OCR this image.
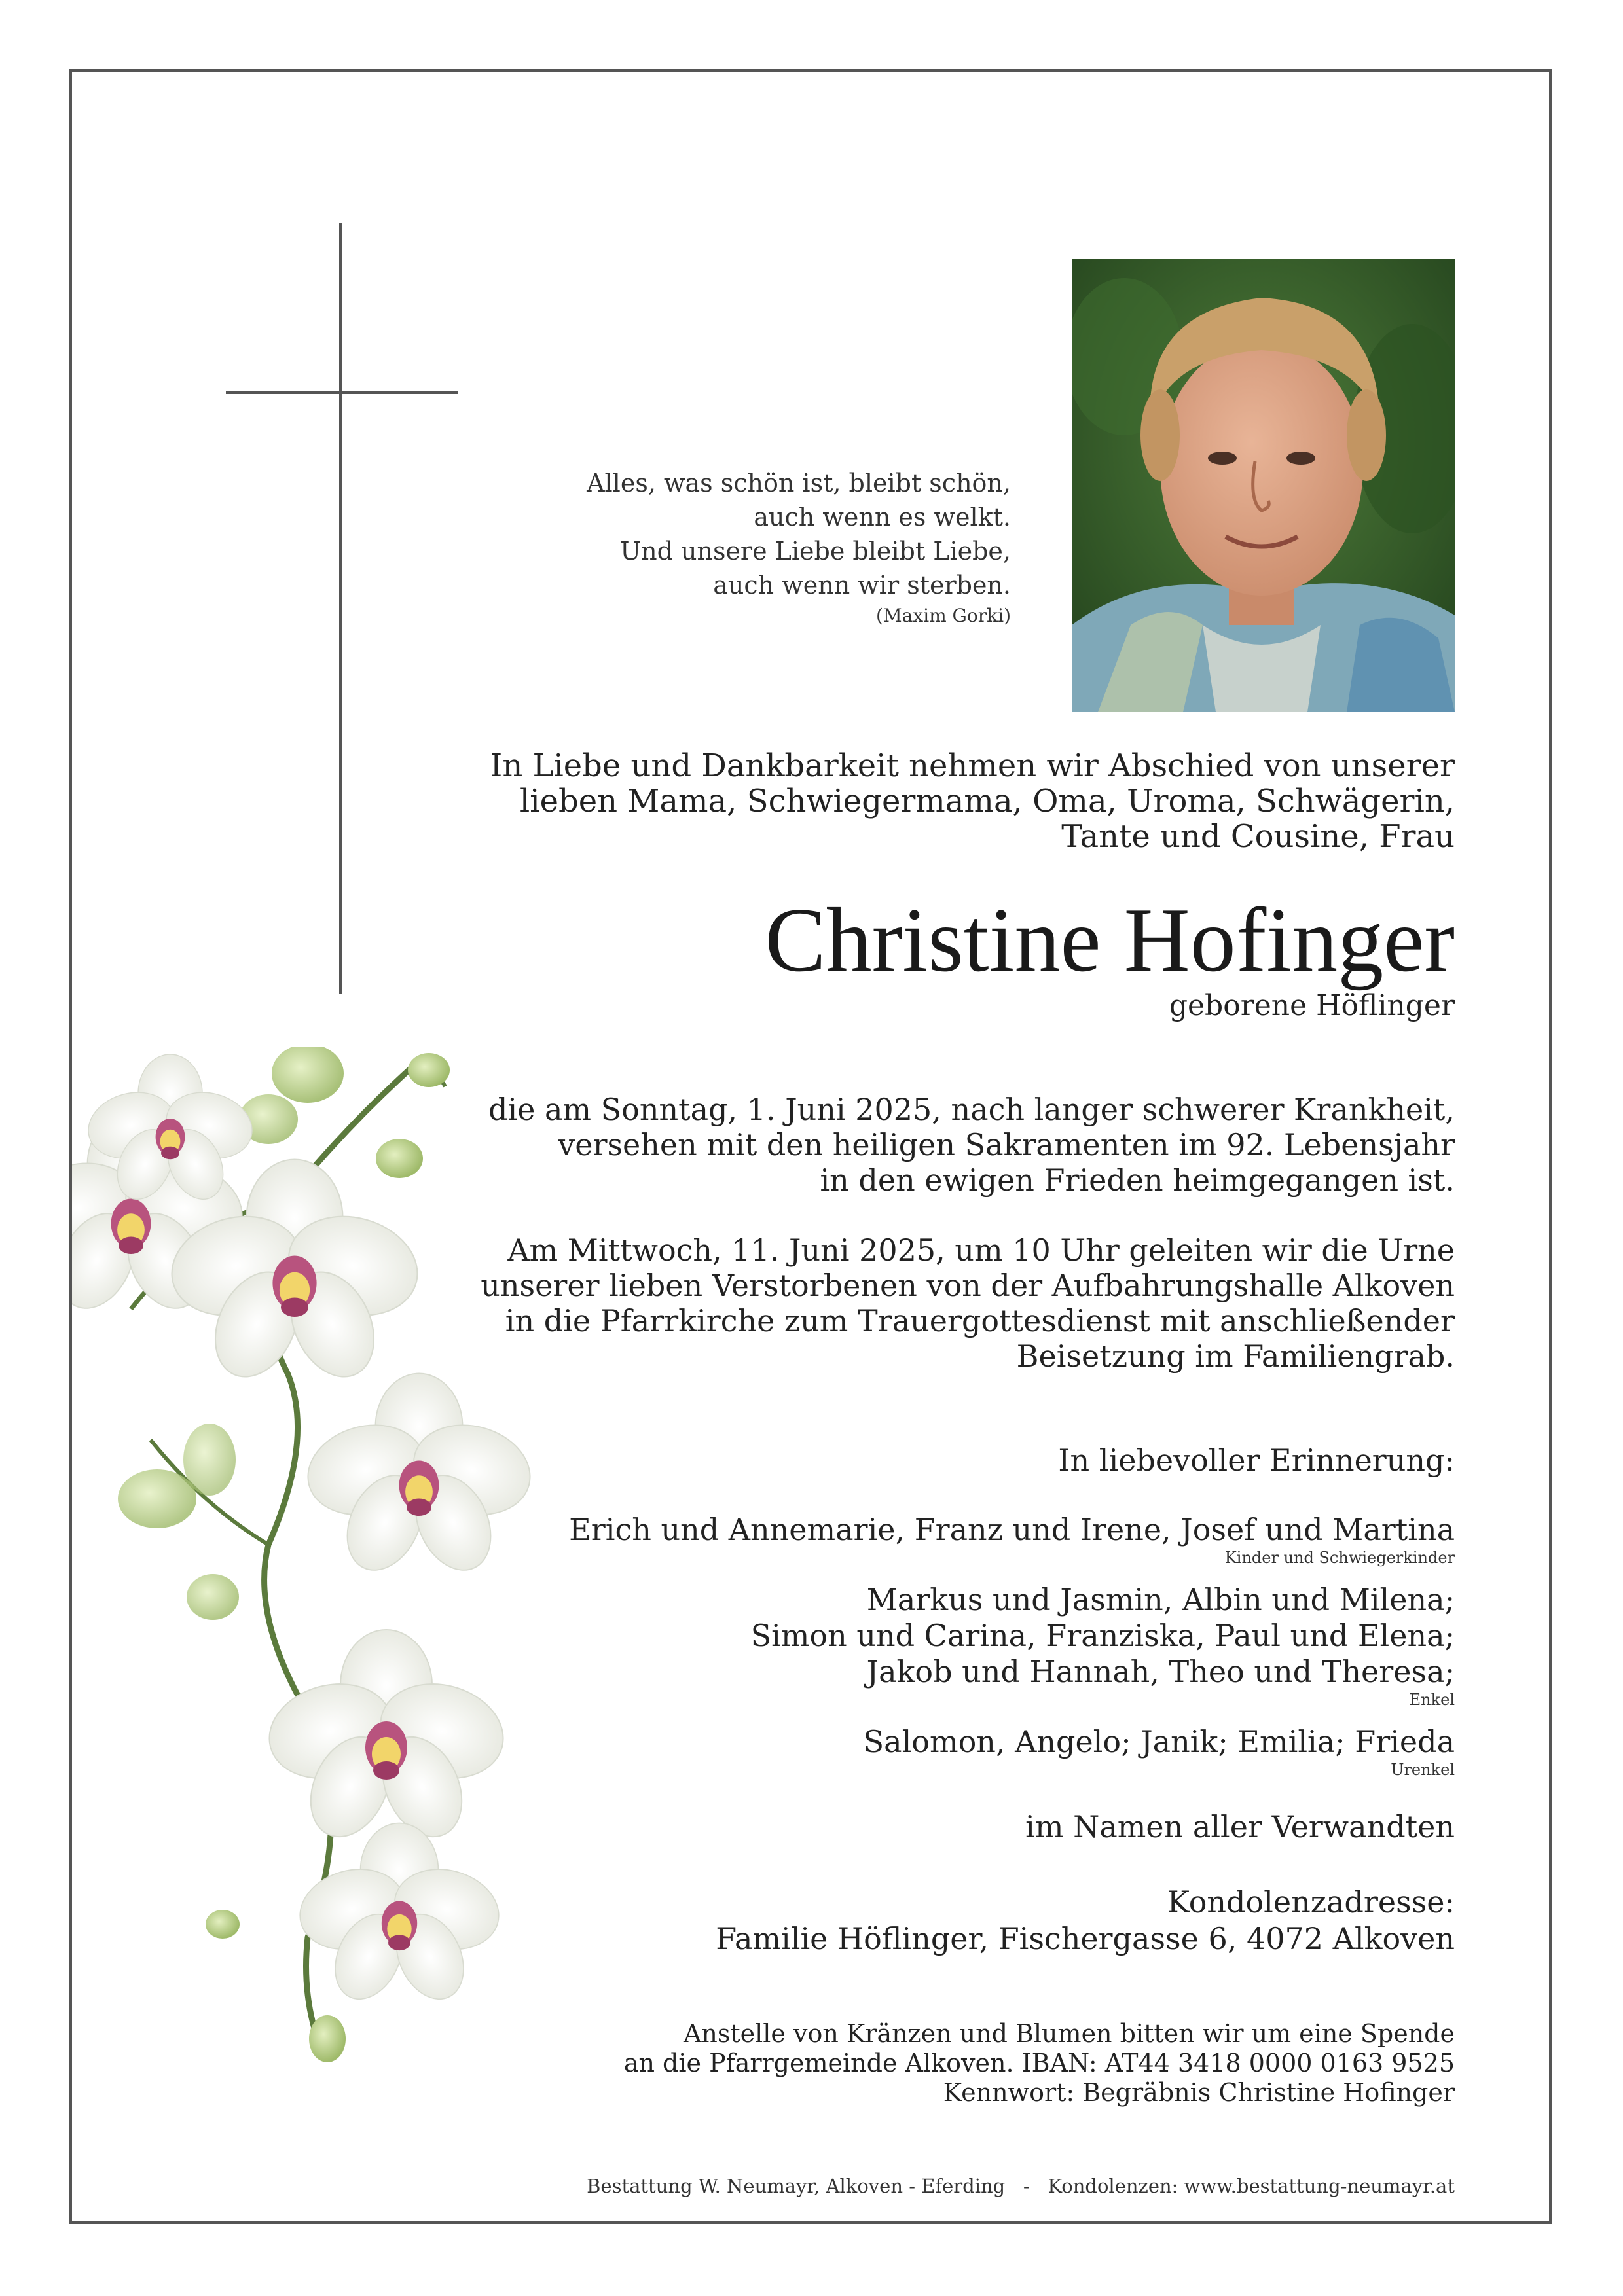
Alles, was schön ist, bleibt schön,
auch wenn es welkt.
Und unsere Liebe bleibt Liebe,
auch wenn wir sterben.
(Maxim Gorki)
In Liebe und Dankbarkeit nehmen wir Abschied von unserer
lieben Mama, Schwiegermama, Oma, Uroma, Schwägerin,
Tante und Cousine, Frau
Christine Hofinger
geborene Höflinger
die am Sonntag, 1. Juni 2025, nach langer schwerer Krankheit,
versehen mit den heiligen Sakramenten im 92. Lebensjahr
in den ewigen Frieden heimgegangen ist.
Am Mittwoch, 11. Juni 2025, um 10 Uhr geleiten wir die Urne
unserer lieben Verstorbenen von der Aufbahrungshalle Alkoven
in die Pfarrkirche zum Trauergottesdienst mit anschließender
Beisetzung im Familiengrab.
In liebevoller Erinnerung:
Erich und Annemarie, Franz und Irene, Josef und Martina
Kinder und Schwiegerkinder
Markus und Jasmin, Albin und Milena;
Simon und Carina, Franziska, Paul und Elena;
Jakob und Hannah, Theo und Theresa;
Enkel
Salomon, Angelo; Janik; Emilia; Frieda
Urenkel
im Namen aller Verwandten
Kondolenzadresse:
Familie Höflinger, Fischergasse 6, 4072 Alkoven
Anstelle von Kränzen und Blumen bitten wir um eine Spende
an die Pfarrgemeinde Alkoven. IBAN: AT44 3418 0000 0163 9525
Kennwort: Begräbnis Christine Hofinger
Bestattung W. Neumayr, Alkoven - Eferding - Kondolenzen: www.bestattung-neumayr.at
